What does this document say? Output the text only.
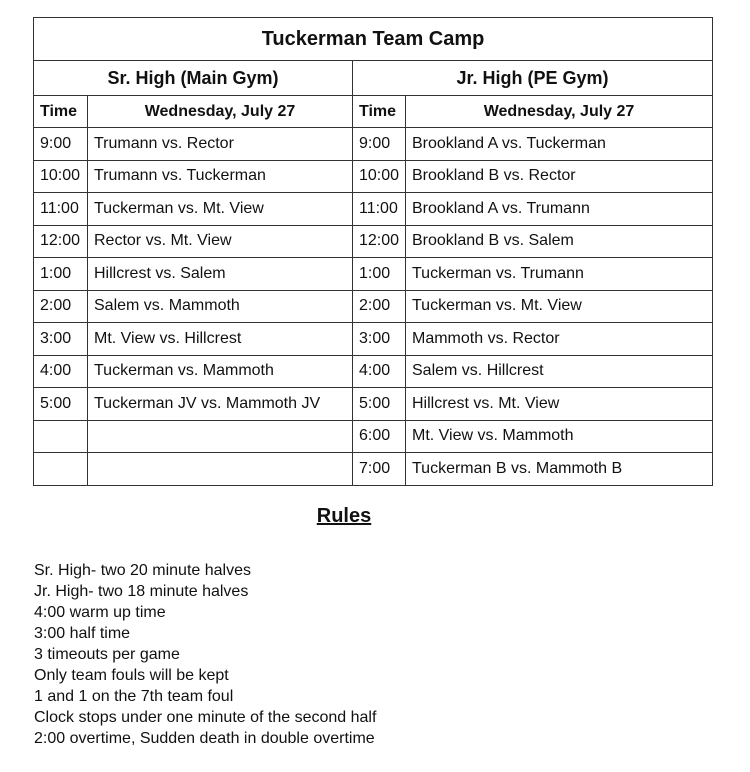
Tuckerman Team Camp			
Sr. High (Main Gym)		Jr. High (PE Gym)	
Time	Wednesday, July 27	Time	Wednesday, July 27
9:00	Trumann vs. Rector	9:00	Brookland A vs. Tuckerman
10:00	Trumann vs. Tuckerman	10:00	Brookland B vs. Rector
11:00	Tuckerman vs. Mt. View	11:00	Brookland A vs. Trumann
12:00	Rector vs. Mt. View	12:00	Brookland B vs. Salem
1:00	Hillcrest vs. Salem	1:00	Tuckerman vs. Trumann
2:00	Salem vs. Mammoth	2:00	Tuckerman vs. Mt. View
3:00	Mt. View vs. Hillcrest	3:00	Mammoth vs. Rector
4:00	Tuckerman vs. Mammoth	4:00	Salem vs. Hillcrest
5:00	Tuckerman JV vs. Mammoth JV	5:00	Hillcrest vs. Mt. View
		6:00	Mt. View vs. Mammoth
		7:00	Tuckerman B vs. Mammoth B
Rules
Sr. High- two 20 minute halves
Jr. High- two 18 minute halves
4:00 warm up time
3:00 half time
3 timeouts per game
Only team fouls will be kept
1 and 1 on the 7th team foul
Clock stops under one minute of the second half
2:00 overtime, Sudden death in double overtime
